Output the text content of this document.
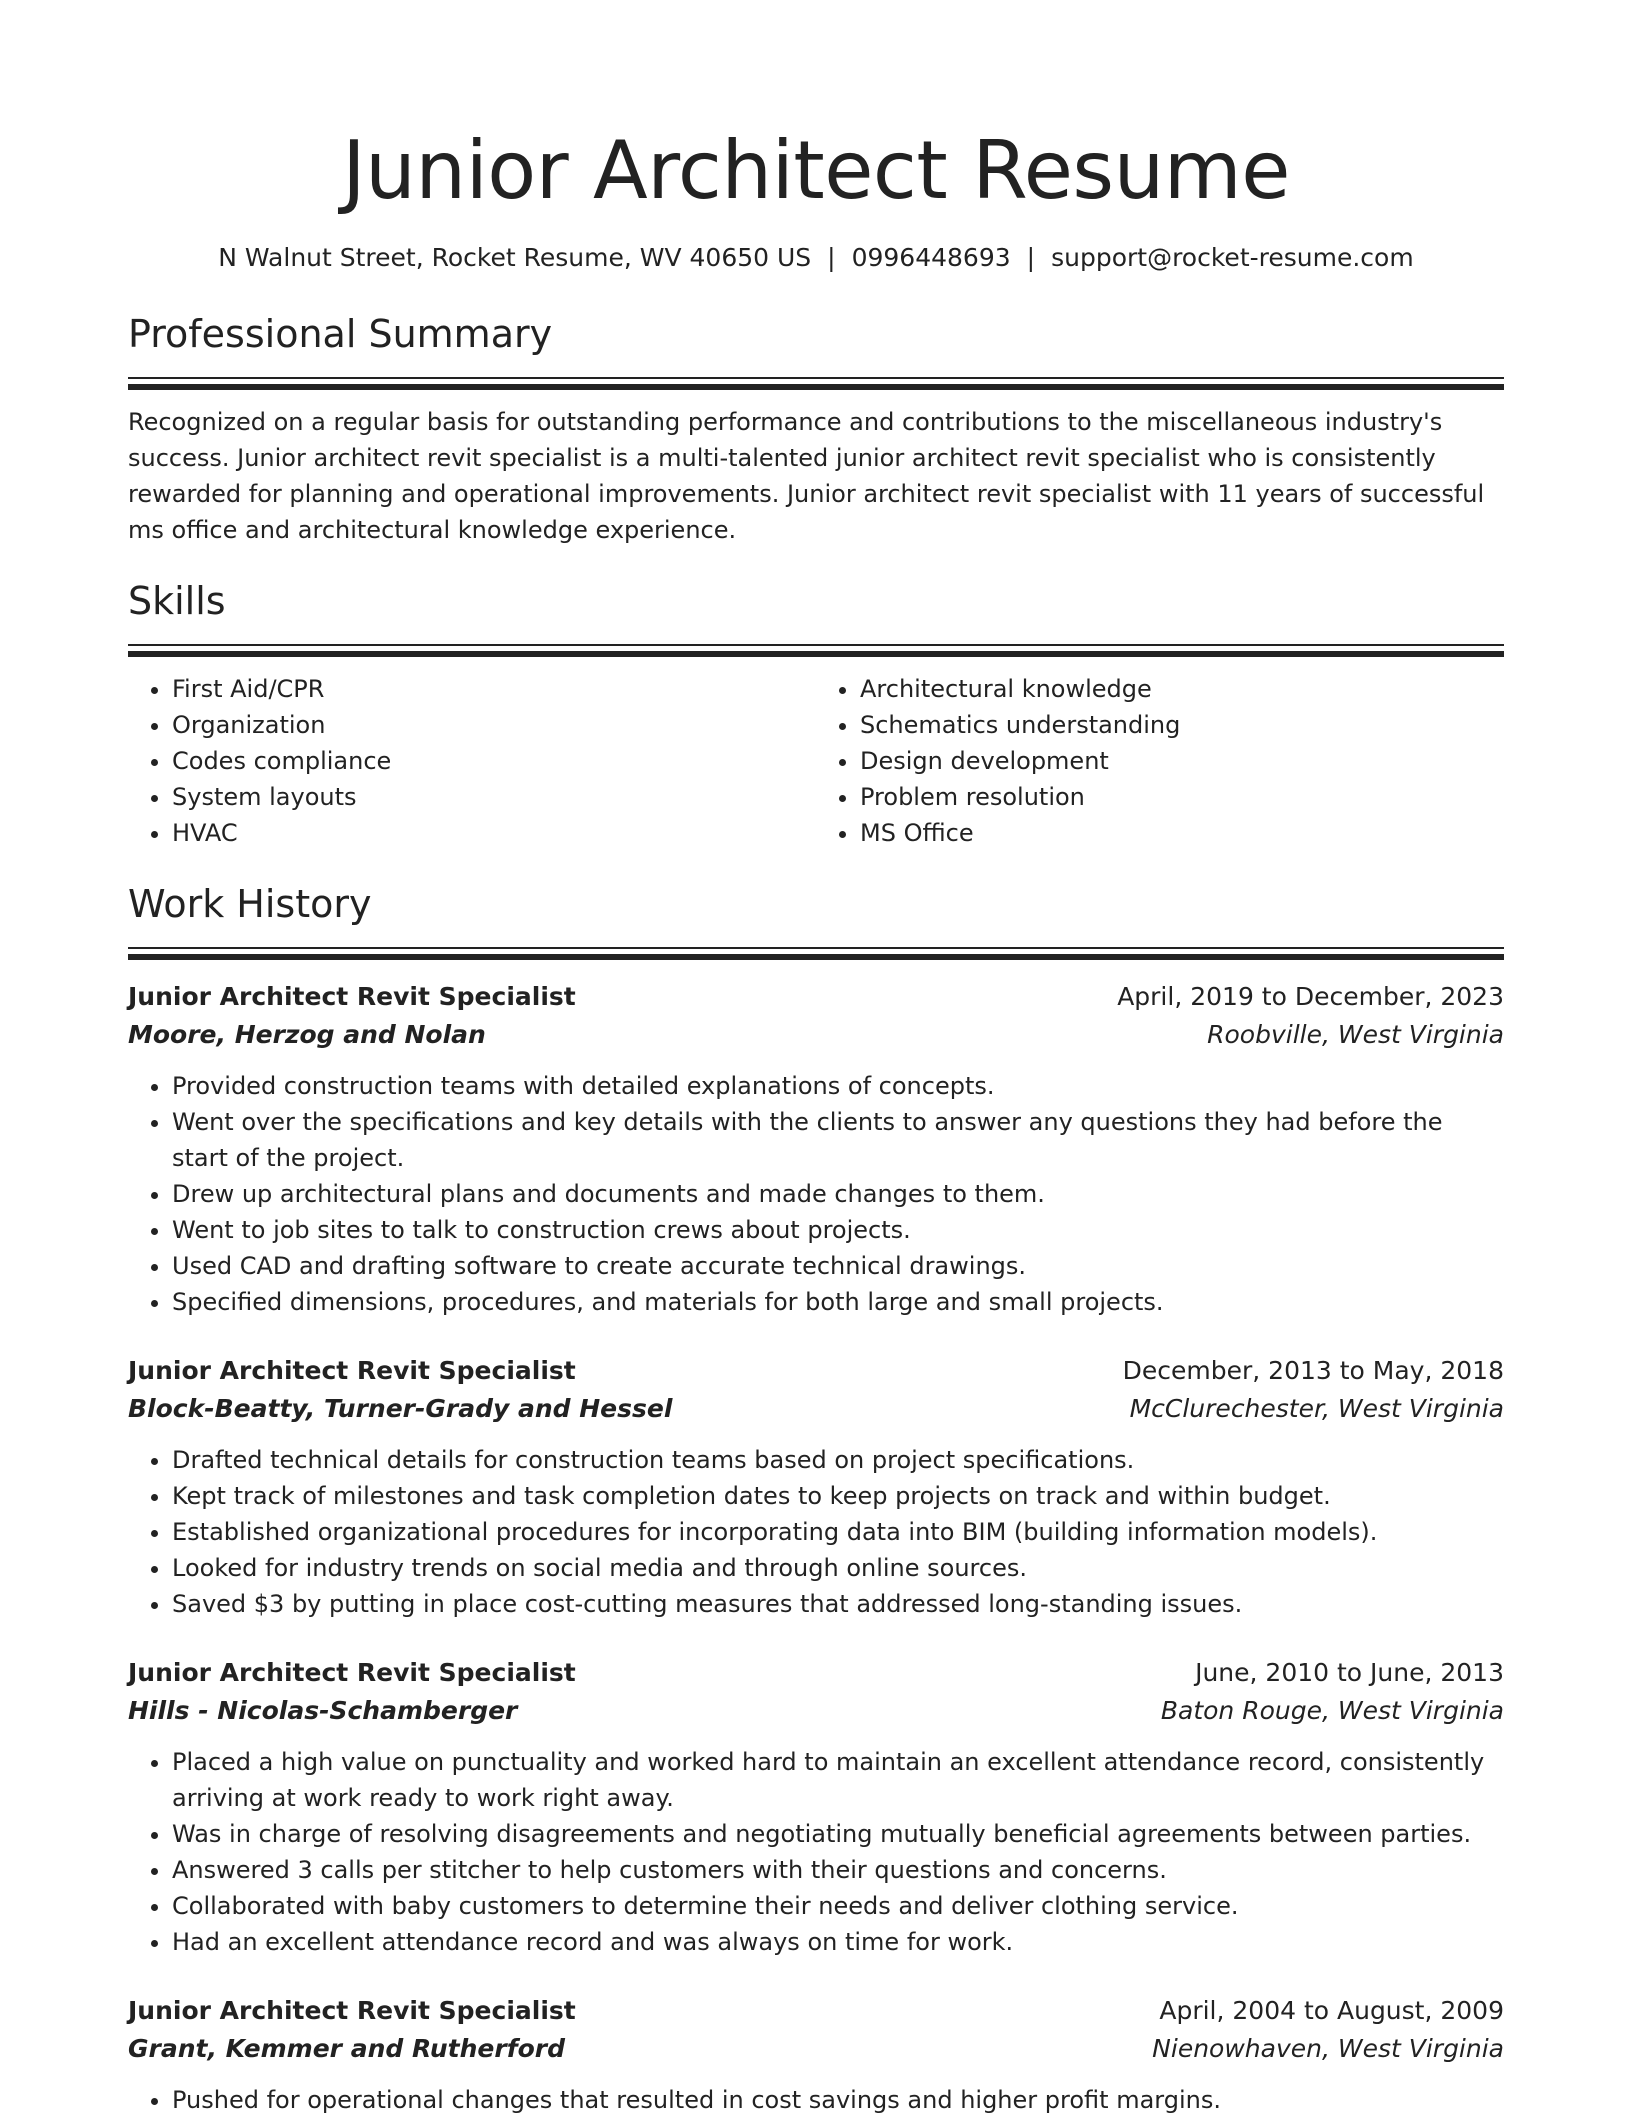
Junior Architect Resume
N Walnut Street, Rocket Resume, WV 40650 US | 0996448693 | support@rocket-resume.com
Professional Summary

Recognized on a regular basis for outstanding performance and contributions to the miscellaneous industry's success. Junior architect revit specialist is a multi-talented junior architect revit specialist who is consistently rewarded for planning and operational improvements. Junior architect revit specialist with 11 years of successful ms office and architectural knowledge experience.

Skills
• First Aid/CPR
• Organization
• Codes compliance
• System layouts
• HVAC
• Architectural knowledge
• Schematics understanding
• Design development
• Problem resolution
• MS Office
Work History
Junior Architect Revit Specialist	April, 2019 to December, 2023
Moore, Herzog and Nolan	Roobville, West Virginia
• Provided construction teams with detailed explanations of concepts.
• Went over the specifications and key details with the clients to answer any questions they had before the start of the project.
• Drew up architectural plans and documents and made changes to them.
• Went to job sites to talk to construction crews about projects.
• Used CAD and drafting software to create accurate technical drawings.
• Specified dimensions, procedures, and materials for both large and small projects.
Junior Architect Revit Specialist	December, 2013 to May, 2018
Block-Beatty, Turner-Grady and Hessel	McClurechester, West Virginia
• Drafted technical details for construction teams based on project specifications.
• Kept track of milestones and task completion dates to keep projects on track and within budget.
• Established organizational procedures for incorporating data into BIM (building information models).
• Looked for industry trends on social media and through online sources.
• Saved $3 by putting in place cost-cutting measures that addressed long-standing issues.
Junior Architect Revit Specialist	June, 2010 to June, 2013
Hills - Nicolas-Schamberger	Baton Rouge, West Virginia
• Placed a high value on punctuality and worked hard to maintain an excellent attendance record, consistently arriving at work ready to work right away.
• Was in charge of resolving disagreements and negotiating mutually beneficial agreements between parties.
• Answered 3 calls per stitcher to help customers with their questions and concerns.
• Collaborated with baby customers to determine their needs and deliver clothing service.
• Had an excellent attendance record and was always on time for work.
Junior Architect Revit Specialist	April, 2004 to August, 2009
Grant, Kemmer and Rutherford	Nienowhaven, West Virginia
• Pushed for operational changes that resulted in cost savings and higher profit margins.
